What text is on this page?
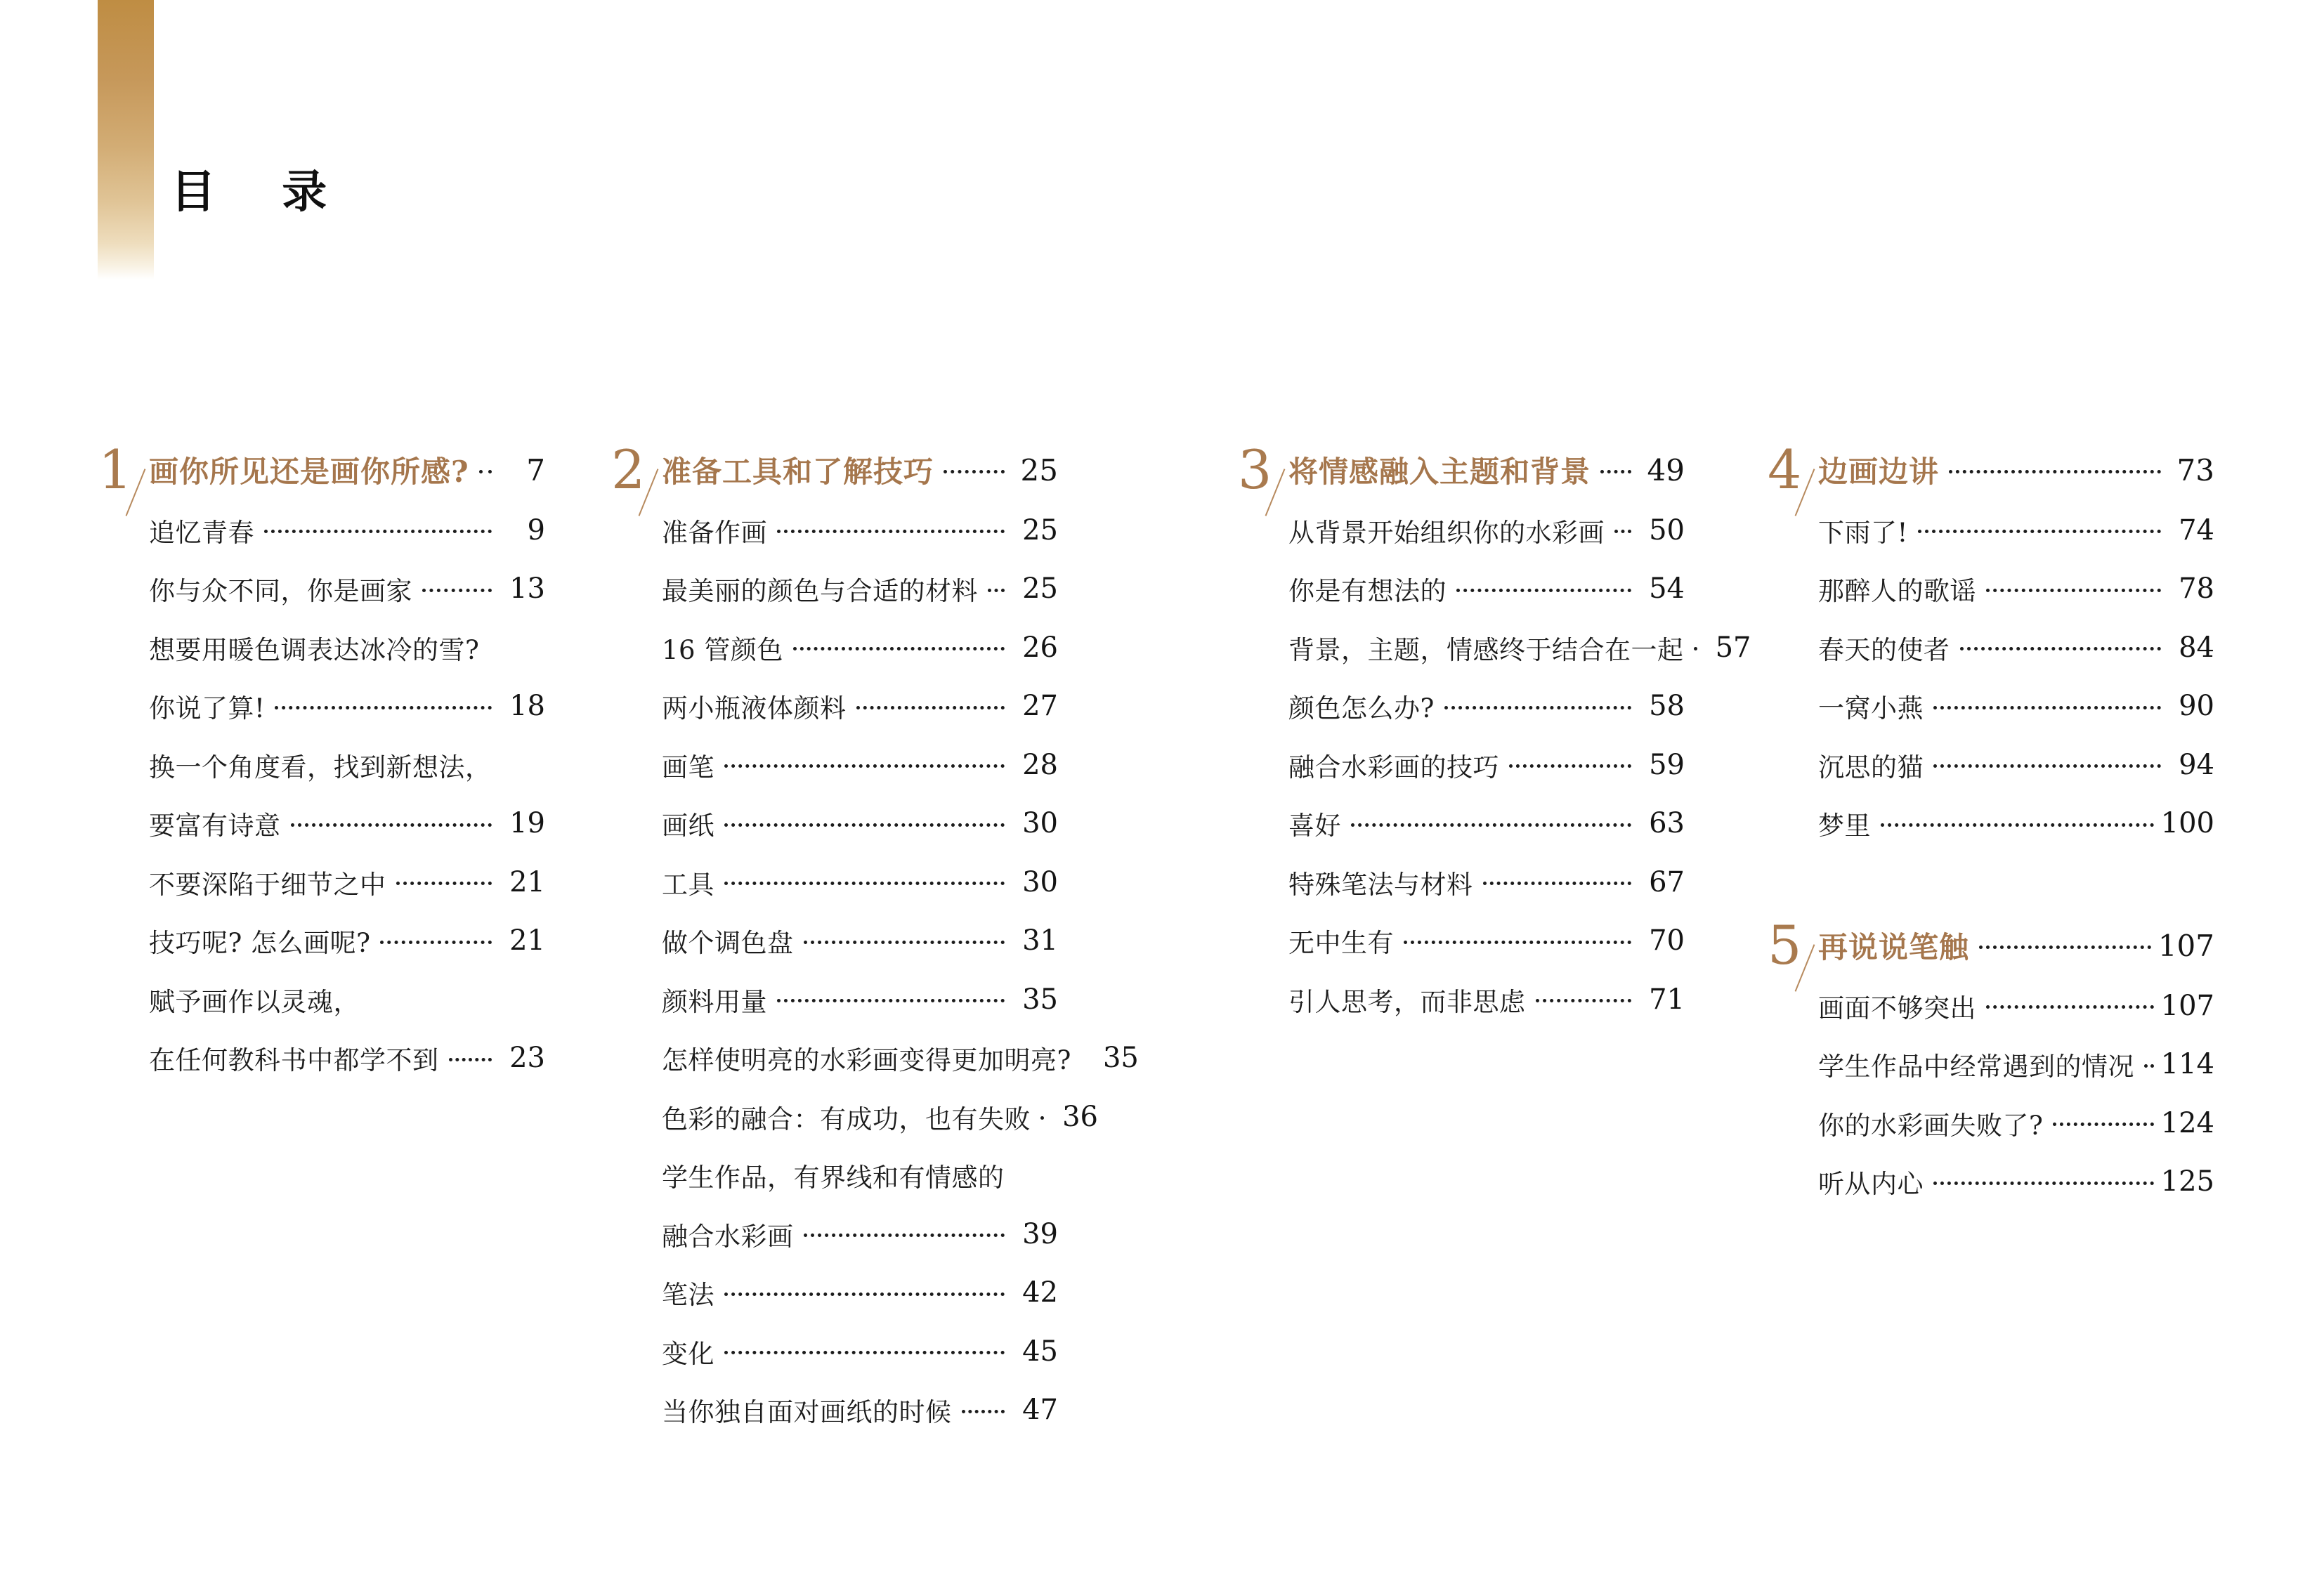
目 录
1 画你所见还是画你所感?	7
追忆青春	9
你与众不同，你是画家	13
想要用暖色调表达冰冷的雪?
你说了算!	18
换一个角度看，找到新想法，
要富有诗意	19
不要深陷于细节之中	21
技巧呢? 怎么画呢?	21
赋予画作以灵魂，
在任何教科书中都学不到	23
2 准备工具和了解技巧	25
准备作画	25
最美丽的颜色与合适的材料	25
16 管颜色	26
两小瓶液体颜料	27
画笔	28
画纸	30
工具	30
做个调色盘	31
颜料用量	35
怎样使明亮的水彩画变得更加明亮?	35
色彩的融合：有成功，也有失败	36
学生作品，有界线和有情感的
融合水彩画	39
笔法	42
变化	45
当你独自面对画纸的时候	47
3 将情感融入主题和背景 49
从背景开始组织你的水彩画	50
你是有想法的	54
背景，主题，情感终于结合在一起	57
颜色怎么办?	58
融合水彩画的技巧	59
喜好	63
特殊笔法与材料	67
无中生有	70
引人思考，而非思虑	71
4 边画边讲	73
下雨了!	74
那醉人的歌谣	78
春天的使者	84
一窝小燕	90
沉思的猫	94
梦里	100
5 再说说笔触	107
画面不够突出	107
学生作品中经常遇到的情况 114
你的水彩画失败了?	124
听从内心	125
